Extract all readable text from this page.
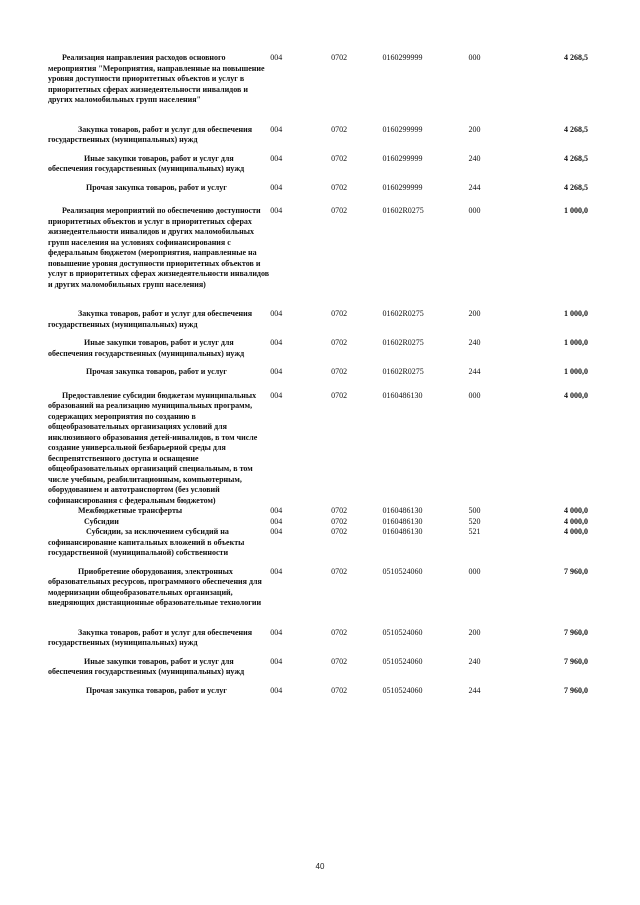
Реализация направления расходов основного мероприятия "Мероприятия, направленные на повышение уровня доступности приоритетных объектов и услуг в приоритетных сферах жизнедеятельности инвалидов и других маломобильных групп населения"	004	0702	0160299999	000	4 268,5
Закупка товаров, работ и услуг для обеспечения государственных (муниципальных) нужд	004	0702	0160299999	200	4 268,5
Иные закупки товаров, работ и услуг для обеспечения государственных (муниципальных) нужд	004	0702	0160299999	240	4 268,5
Прочая закупка товаров, работ и услуг	004	0702	0160299999	244	4 268,5
Реализация мероприятий по обеспечению доступности приоритетных объектов и услуг в приоритетных сферах жизнедеятельности инвалидов и других маломобильных групп населения на условиях софинансирования с федеральным бюджетом (мероприятия, направленные на повышение уровня доступности приоритетных объектов и услуг в приоритетных сферах жизнедеятельности инвалидов и других маломобильных групп населения)	004	0702	01602R0275	000	1 000,0
Закупка товаров, работ и услуг для обеспечения государственных (муниципальных) нужд	004	0702	01602R0275	200	1 000,0
Иные закупки товаров, работ и услуг для обеспечения государственных (муниципальных) нужд	004	0702	01602R0275	240	1 000,0
Прочая закупка товаров, работ и услуг	004	0702	01602R0275	244	1 000,0
Предоставление субсидии бюджетам муниципальных образований на реализацию муниципальных программ, содержащих мероприятия по созданию в общеобразовательных организациях условий для инклюзивного образования детей-инвалидов, в том числе создание универсальной безбарьерной среды для беспрепятственного доступа и оснащение общеобразовательных организаций специальным, в том числе учебным, реабилитационным, компьютерным, оборудованием и автотранспортом (без условий софинансирования с федеральным бюджетом)	004	0702	0160486130	000	4 000,0
Межбюджетные трансферты	004	0702	0160486130	500	4 000,0
Субсидии	004	0702	0160486130	520	4 000,0
Субсидии, за исключением субсидий на софинансирование капитальных вложений в объекты государственной (муниципальной) собственности	004	0702	0160486130	521	4 000,0
Приобретение оборудования, электронных образовательных ресурсов, программного обеспечения для модернизации общеобразовательных организаций, внедряющих дистанционные образовательные технологии	004	0702	0510524060	000	7 960,0
Закупка товаров, работ и услуг для обеспечения государственных (муниципальных) нужд	004	0702	0510524060	200	7 960,0
Иные закупки товаров, работ и услуг для обеспечения государственных (муниципальных) нужд	004	0702	0510524060	240	7 960,0
Прочая закупка товаров, работ и услуг	004	0702	0510524060	244	7 960,0
40
